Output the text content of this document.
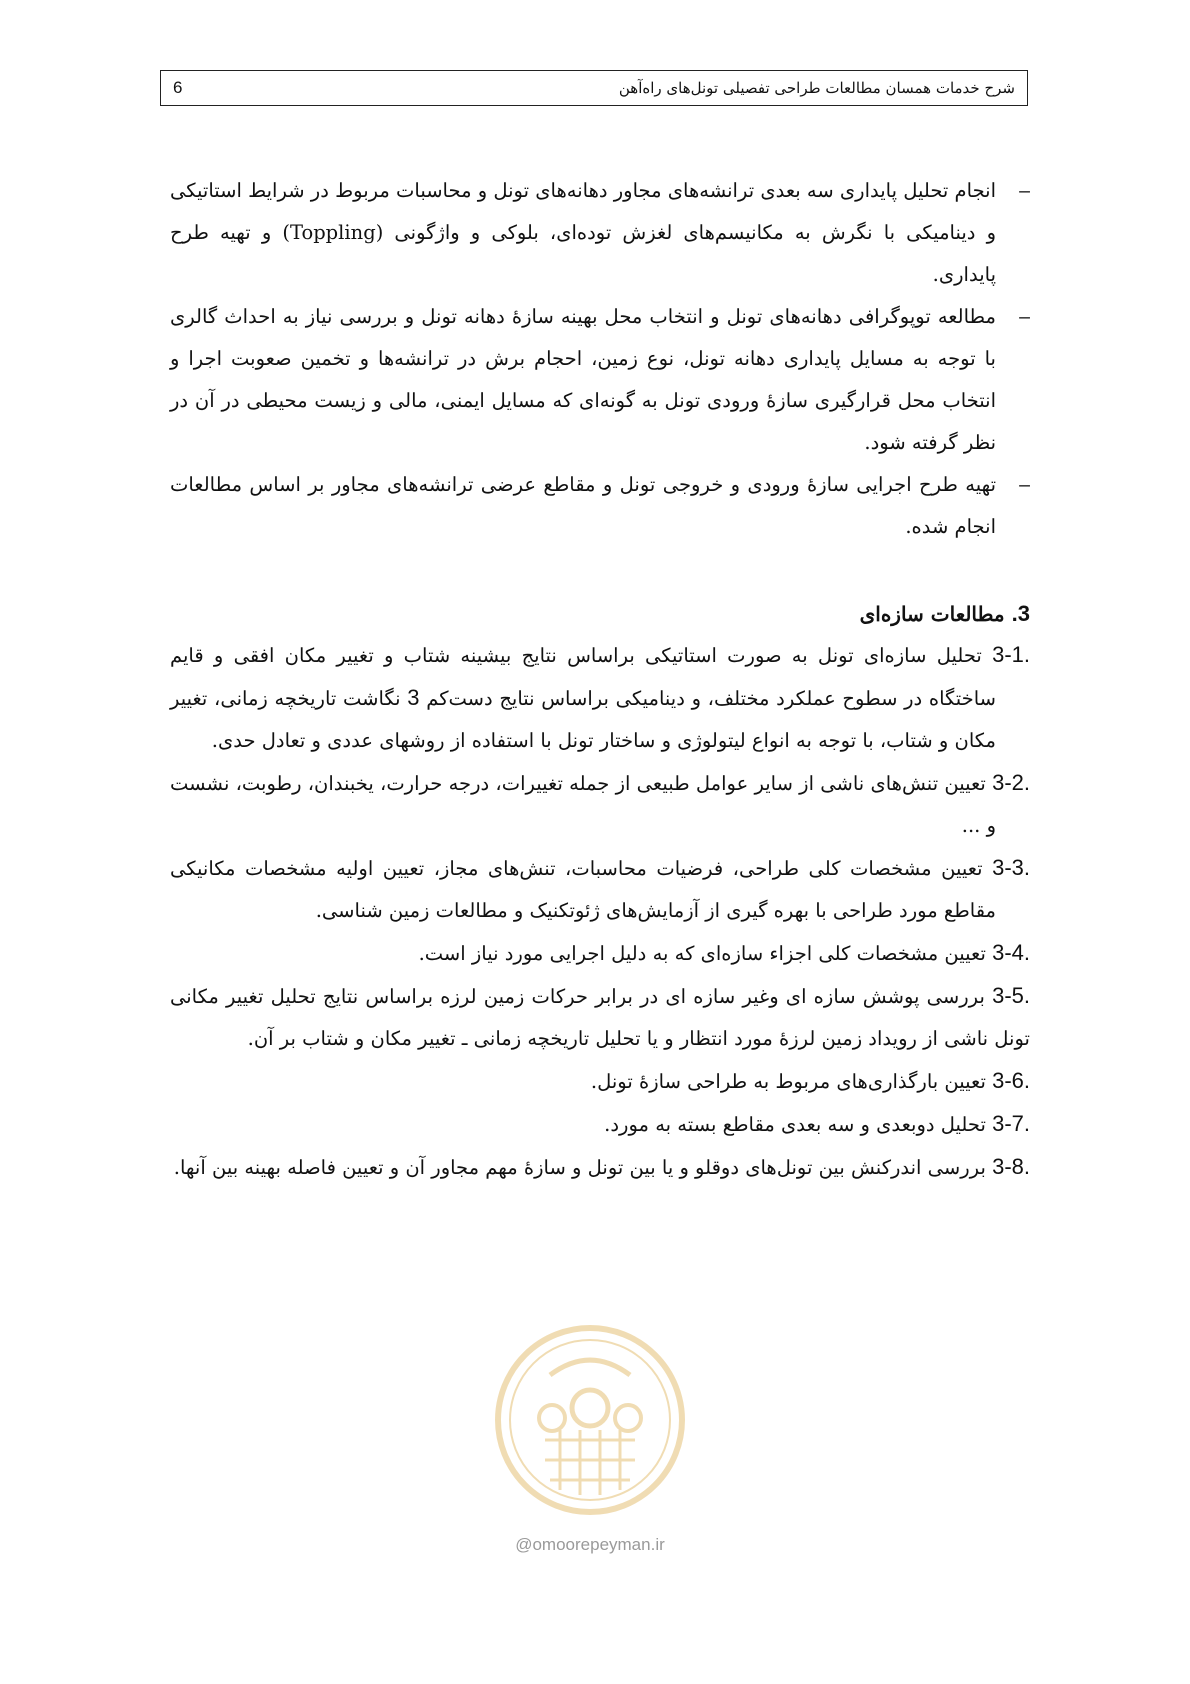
شرح خدمات همسان مطالعات طراحی تفصیلی تونل‌های راه‌آهن
6

–
انجام تحلیل پایداری سه بعدی ترانشه‌های مجاور دهانه‌های تونل و محاسبات مربوط در شرایط استاتیکی و دینامیکی با نگرش به مکانیسم‌های لغزش توده‌ای، بلوکی و واژگونی (Toppling) و تهیه طرح پایداری.

–
مطالعه توپوگرافی دهانه‌های تونل و انتخاب محل بهینه سازۀ دهانه تونل و بررسی نیاز به احداث گالری با توجه به مسایل پایداری دهانه تونل، نوع زمین، احجام برش در ترانشه‌ها و تخمین صعوبت اجرا و انتخاب محل قرارگیری سازۀ ورودی تونل به گونه‌ای که مسایل ایمنی، مالی و زیست محیطی در آن در نظر گرفته شود.

–
تهیه طرح اجرایی سازۀ ورودی و خروجی تونل و مقاطع عرضی ترانشه‌های مجاور بر اساس مطالعات انجام شده.

3. مطالعات سازه‌ای

3-1. تحلیل سازه‌ای تونل به صورت استاتیکی براساس نتایج بیشینه شتاب و تغییر مکان افقی و قایم ساختگاه در سطوح عملکرد مختلف، و دینامیکی براساس نتایج دست‌کم 3 نگاشت تاریخچه زمانی، تغییر مکان و شتاب، با توجه به انواع لیتولوژی و ساختار تونل با استفاده از روشهای عددی و تعادل حدی.

3-2. تعیین تنش‌های ناشی از سایر عوامل طبیعی از جمله تغییرات، درجه حرارت، یخبندان، رطوبت، نشست و ...

3-3. تعیین مشخصات کلی طراحی، فرضیات محاسبات، تنش‌های مجاز، تعیین اولیه مشخصات مکانیکی مقاطع مورد طراحی با بهره گیری از آزمایش‌های ژئوتکنیک و مطالعات زمین شناسی.

3-4. تعیین مشخصات کلی اجزاء سازه‌ای که به دلیل اجرایی مورد نیاز است.

3-5. بررسی پوشش سازه ای وغیر سازه ای در برابر حرکات زمین لرزه براساس نتایج تحلیل تغییر مکانی تونل ناشی از رویداد زمین لرزۀ مورد انتظار و یا تحلیل تاریخچه زمانی ـ تغییر مکان و شتاب بر آن.

3-6. تعیین بارگذاری‌های مربوط به طراحی سازۀ تونل.

3-7. تحلیل دوبعدی و سه بعدی مقاطع بسته به مورد.

3-8. بررسی اندرکنش بین تونل‌های دوقلو و یا بین تونل و سازۀ مهم مجاور آن و تعیین فاصله بهینه بین آنها.

@omoorepeyman.ir
